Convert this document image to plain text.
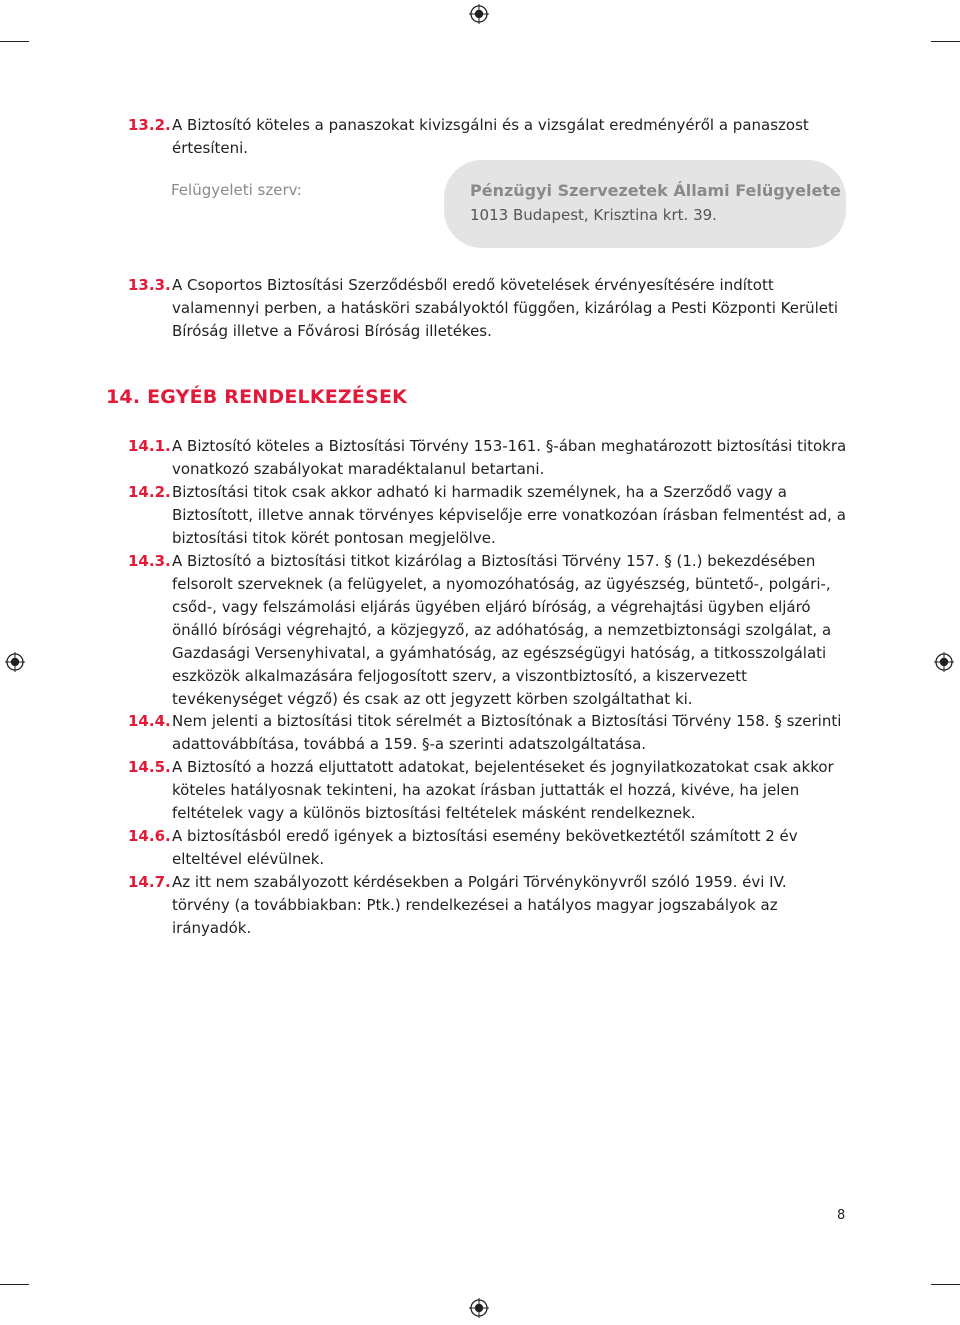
13.2. A Biztosító köteles a panaszokat kivizsgálni és a vizsgálat eredményéről a panaszost értesíteni.
Felügyeleti szerv:	Pénzügyi Szervezetek Állami Felügyelete
1013 Budapest, Krisztina krt. 39.
13.3. A Csoportos Biztosítási Szerződésből eredő követelések érvényesítésére indított valamennyi perben, a hatásköri szabályoktól függően, kizárólag a Pesti Központi Kerületi Bíróság illetve a Fővárosi Bíróság illetékes.
14. EGYÉB RENDELKEZÉSEK
14.1. A Biztosító köteles a Biztosítási Törvény 153-161. §-ában meghatározott biztosítási titokra vonatkozó szabályokat maradéktalanul betartani.
14.2. Biztosítási titok csak akkor adható ki harmadik személynek, ha a Szerződő vagy a Biztosított, illetve annak törvényes képviselője erre vonatkozóan írásban felmentést ad, a biztosítási titok körét pontosan megjelölve.
14.3. A Biztosító a biztosítási titkot kizárólag a Biztosítási Törvény 157. § (1.) bekezdésében felsorolt szerveknek (a felügyelet, a nyomozóhatóság, az ügyészség, büntető-, polgári-, csőd-, vagy felszámolási eljárás ügyében eljáró bíróság, a végrehajtási ügyben eljáró önálló bírósági végrehajtó, a közjegyző, az adóhatóság, a nemzetbiztonsági szolgálat, a Gazdasági Versenyhivatal, a gyámhatóság, az egészségügyi hatóság, a titkosszolgálati eszközök alkalmazására feljogosított szerv, a viszontbiztosító, a kiszervezett tevékenységet végző) és csak az ott jegyzett körben szolgáltathat ki.
14.4. Nem jelenti a biztosítási titok sérelmét a Biztosítónak a Biztosítási Törvény 158. § szerinti adattovábbítása, továbbá a 159. §-a szerinti adatszolgáltatása.
14.5. A Biztosító a hozzá eljuttatott adatokat, bejelentéseket és jognyilatkozatokat csak akkor köteles hatályosnak tekinteni, ha azokat írásban juttatták el hozzá, kivéve, ha jelen feltételek vagy a különös biztosítási feltételek másként rendelkeznek.
14.6. A biztosításból eredő igények a biztosítási esemény bekövetkeztétől számított 2 év elteltével elévülnek.
14.7. Az itt nem szabályozott kérdésekben a Polgári Törvénykönyvről szóló 1959. évi IV. törvény (a továbbiakban: Ptk.) rendelkezései a hatályos magyar jogszabályok az irányadók.
8
